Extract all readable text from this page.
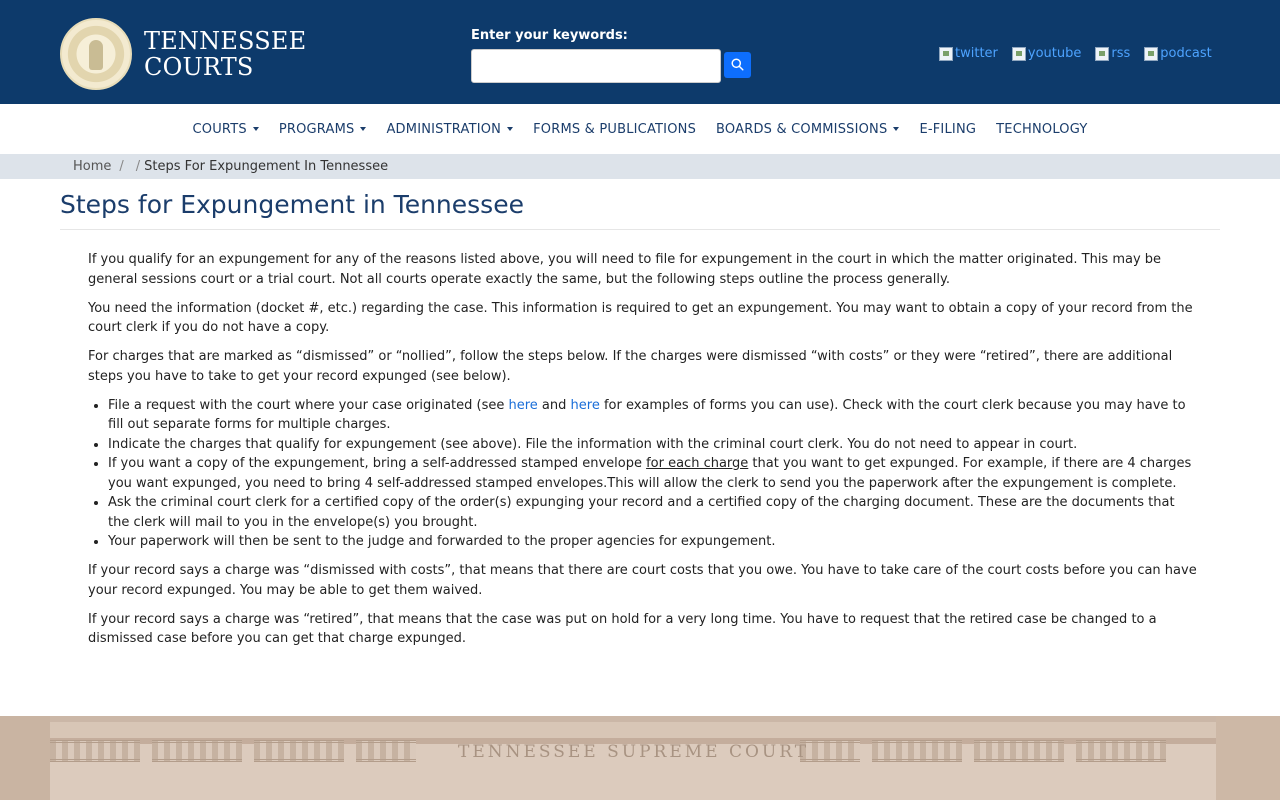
TENNESSEE
COURTS
Enter your keywords:
twitter youtube rss podcast
COURTS PROGRAMS ADMINISTRATION FORMS & PUBLICATIONS BOARDS & COMMISSIONS E-FILING TECHNOLOGY
Home / / Steps For Expungement In Tennessee
Steps for Expungement in Tennessee

If you qualify for an expungement for any of the reasons listed above, you will need to file for expungement in the court in which the matter originated. This may be general sessions court or a trial court. Not all courts operate exactly the same, but the following steps outline the process generally.

You need the information (docket #, etc.) regarding the case. This information is required to get an expungement. You may want to obtain a copy of your record from the court clerk if you do not have a copy.

For charges that are marked as “dismissed” or “nollied”, follow the steps below. If the charges were dismissed “with costs” or they were “retired”, there are additional steps you have to take to get your record expunged (see below).

• File a request with the court where your case originated (see here and here for examples of forms you can use). Check with the court clerk because you may have to fill out separate forms for multiple charges.
• Indicate the charges that qualify for expungement (see above). File the information with the criminal court clerk. You do not need to appear in court.
• If you want a copy of the expungement, bring a self-addressed stamped envelope for each charge that you want to get expunged. For example, if there are 4 charges you want expunged, you need to bring 4 self-addressed stamped envelopes.This will allow the clerk to send you the paperwork after the expungement is complete.
• Ask the criminal court clerk for a certified copy of the order(s) expunging your record and a certified copy of the charging document. These are the documents that the clerk will mail to you in the envelope(s) you brought.
• Your paperwork will then be sent to the judge and forwarded to the proper agencies for expungement.

If your record says a charge was “dismissed with costs”, that means that there are court costs that you owe. You have to take care of the court costs before you can have your record expunged. You may be able to get them waived.

If your record says a charge was “retired”, that means that the case was put on hold for a very long time. You have to request that the retired case be changed to a dismissed case before you can get that charge expunged.

TENNESSEE SUPREME COURT
